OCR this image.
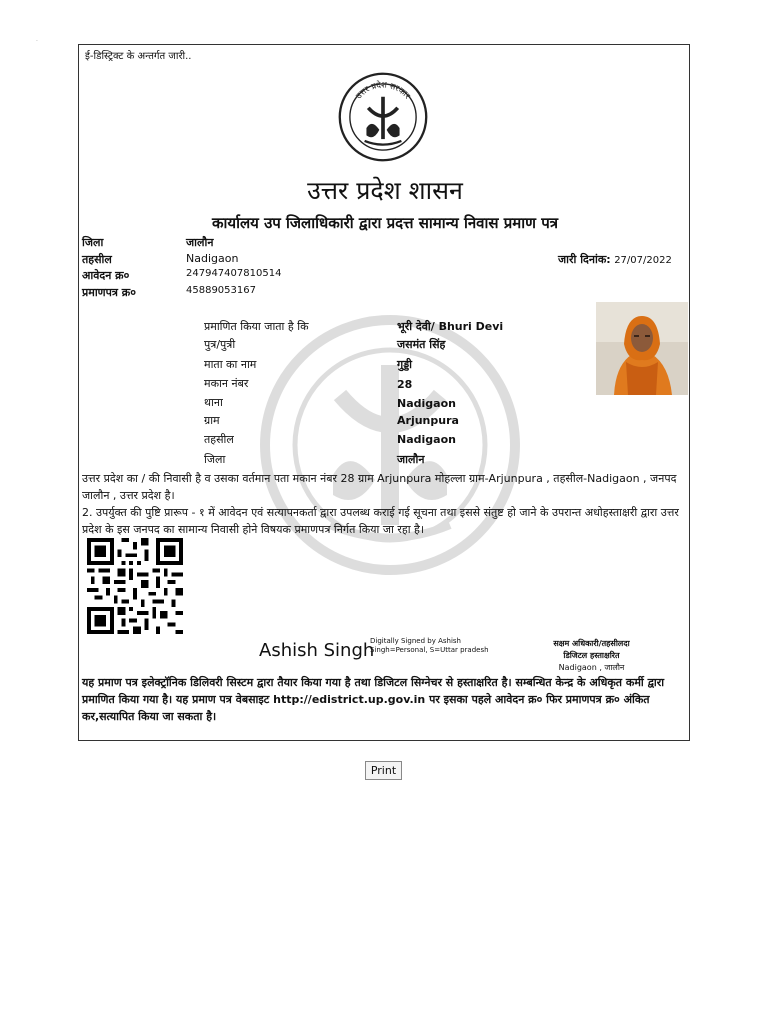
.
ई-डिस्ट्रिक्ट के अन्तर्गत जारी..
उत्तर प्रदेश सरकार
उत्तर प्रदेश शासन
कार्यालय उप जिलाधिकारी द्वारा प्रदत्त सामान्य निवास प्रमाण पत्र
जिला	जालौन
तहसील	Nadigaon
आवेदन क्र०	247947407810514
प्रमाणपत्र क्र०	45889053167
जारी दिनांक: 27/07/2022
प्रमाणित किया जाता है कि	भूरी देवी/ Bhuri Devi
पुत्र/पुत्री	जसमंत सिंह
माता का नाम	गुड्डी
मकान नंबर	28
थाना	Nadigaon
ग्राम	Arjunpura
तहसील	Nadigaon
जिला	जालौन
उत्तर प्रदेश का / की निवासी है व उसका वर्तमान पता मकान नंबर 28 ग्राम Arjunpura मोहल्ला ग्राम-Arjunpura , तहसील-Nadigaon , जनपद जालौन , उत्तर प्रदेश है।
2. उपर्युक्त की पुष्टि प्रारूप - १ में आवेदन एवं सत्यापनकर्ता द्वारा उपलब्ध कराई गई सूचना तथा इससे संतुष्ट हो जाने के उपरान्त अधोहस्ताक्षरी द्वारा उत्तर प्रदेश के इस जनपद का सामान्य निवासी होने विषयक प्रमाणपत्र निर्गत किया जा रहा है।
Ashish Singh
Digitally Signed by Ashish
Singh=Personal, S=Uttar pradesh
सक्षम अधिकारी/तहसीलदा
डिजिटल हस्ताक्षरित
Nadigaon , जालौन
यह प्रमाण पत्र इलेक्ट्रॉनिक डिलिवरी सिस्टम द्वारा तैयार किया गया है तथा डिजिटल सिग्नेचर से हस्ताक्षरित है। सम्बन्धित केन्द्र के अधिकृत कर्मी द्वारा प्रमाणित किया गया है। यह प्रमाण पत्र वेबसाइट http://edistrict.up.gov.in पर इसका पहले आवेदन क्र० फिर प्रमाणपत्र क्र० अंकित कर,सत्यापित किया जा सकता है।
Print
